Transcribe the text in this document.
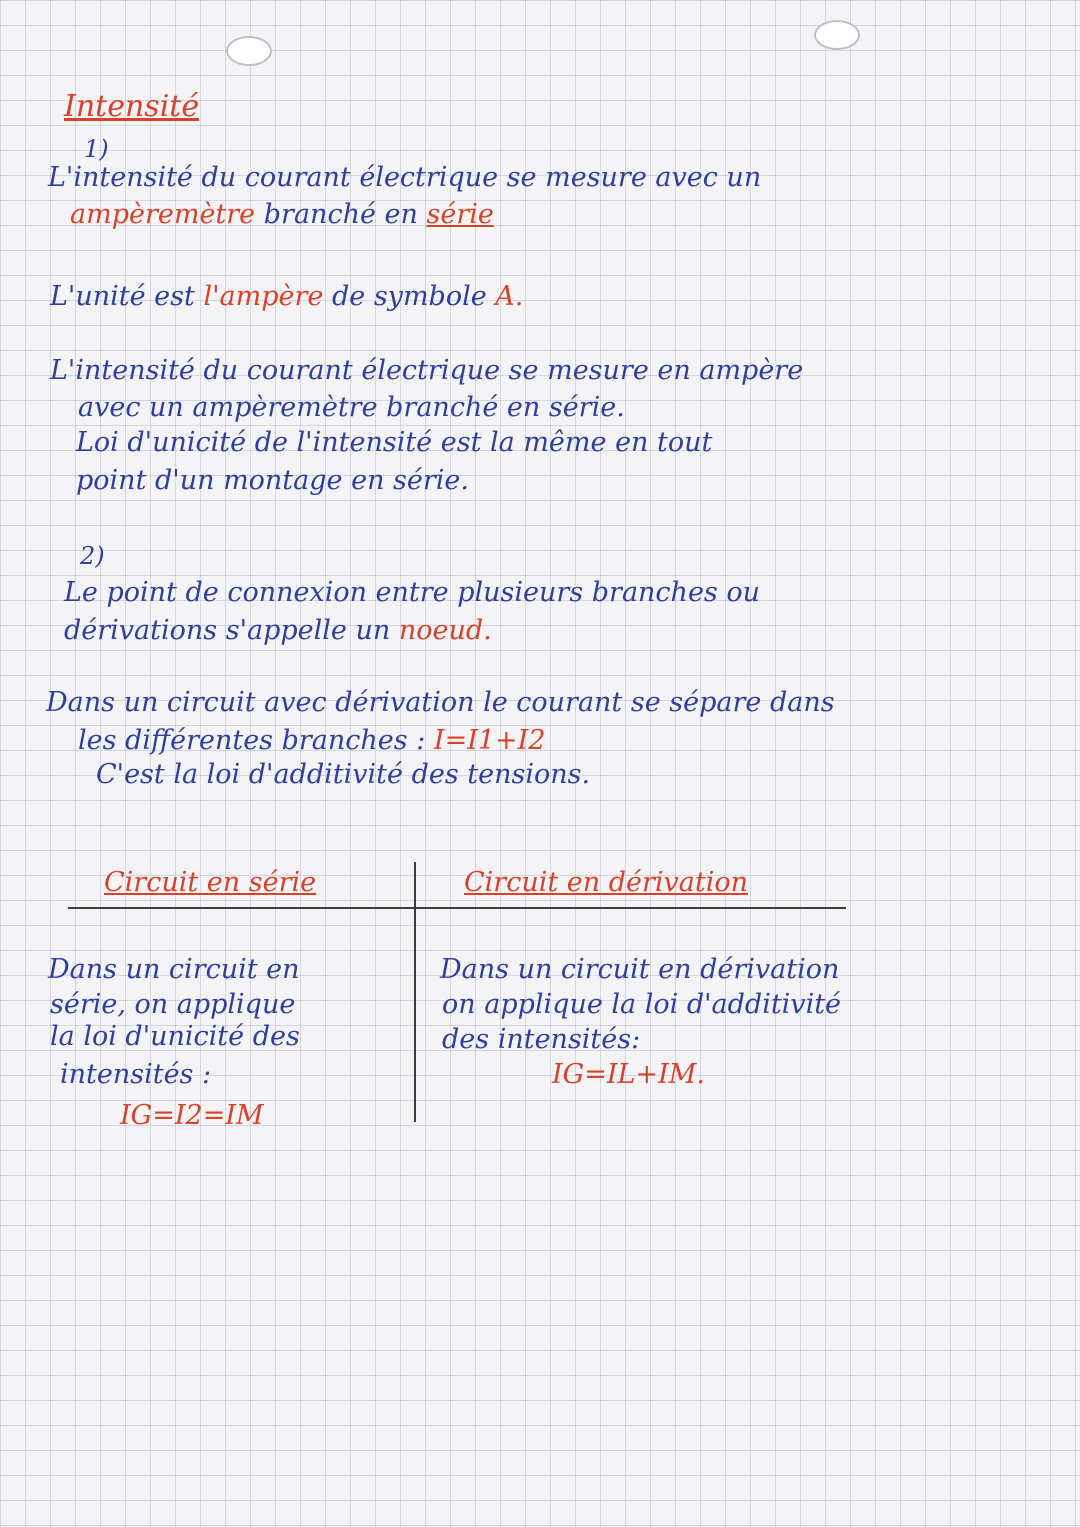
Intensité
1)
L'intensité du courant électrique se mesure avec un
ampèremètre branché en série
L'unité est l'ampère de symbole A.
L'intensité du courant électrique se mesure en ampère
avec un ampèremètre branché en série.
Loi d'unicité de l'intensité est la même en tout
point d'un montage en série.
2)
Le point de connexion entre plusieurs branches ou
dérivations s'appelle un noeud.
Dans un circuit avec dérivation le courant se sépare dans
les différentes branches : I=I1+I2
C'est la loi d'additivité des tensions.
Circuit en série	Circuit en dérivation
Dans un circuit en
série, on applique
la loi d'unicité des
intensités :
IG=I2=IM
Dans un circuit en dérivation
on applique la loi d'additivité
des intensités:
IG=IL+IM.
